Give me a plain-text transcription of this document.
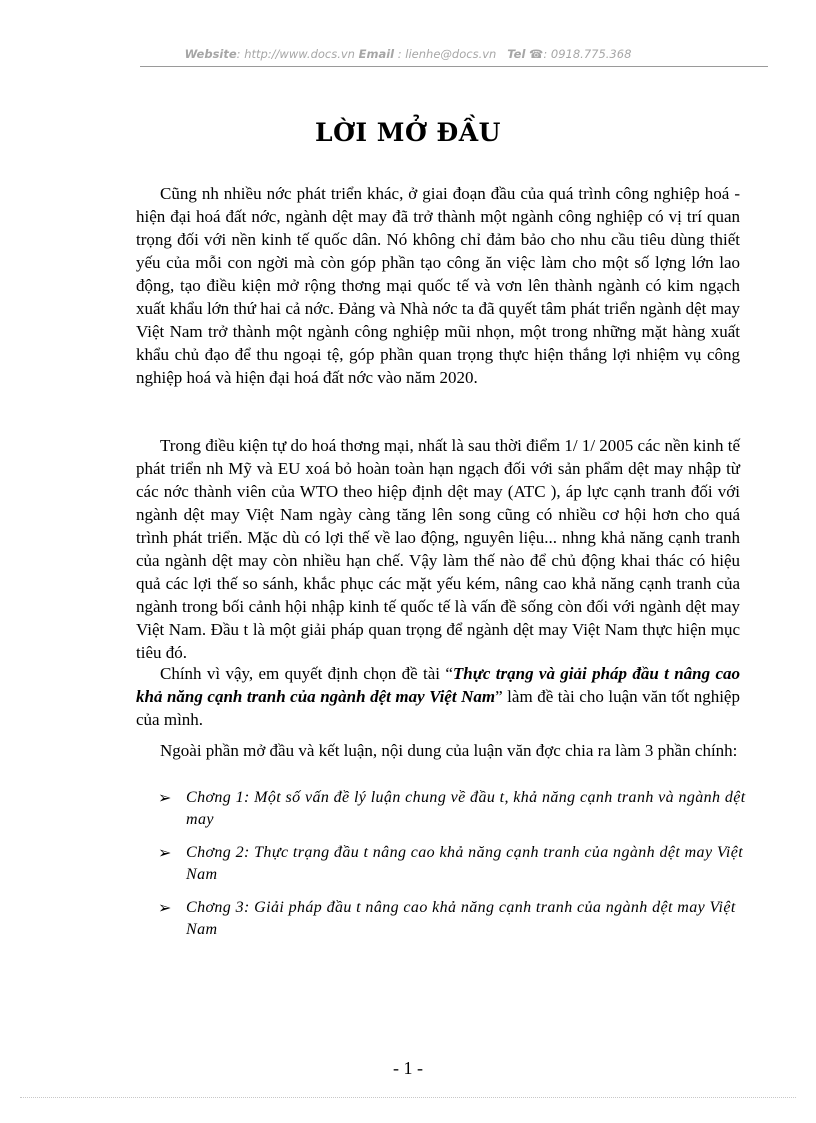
Website: http://www.docs.vn Email : lienhe@docs.vn Tel ☎: 0918.775.368
LỜI MỞ ĐẦU

Cũng nh nhiều nớc phát triển khác, ở giai đoạn đầu của quá trình công nghiệp hoá - hiện đại hoá đất nớc, ngành dệt may đã trở thành một ngành công nghiệp có vị trí quan trọng đối với nền kinh tế quốc dân. Nó không chỉ đảm bảo cho nhu cầu tiêu dùng thiết yếu của mỗi con ngời mà còn góp phần tạo công ăn việc làm cho một số lợng lớn lao động, tạo điều kiện mở rộng thơng mại quốc tế và vơn lên thành ngành có kim ngạch xuất khẩu lớn thứ hai cả nớc. Đảng và Nhà nớc ta đã quyết tâm phát triển ngành dệt may Việt Nam trở thành một ngành công nghiệp mũi nhọn, một trong những mặt hàng xuất khẩu chủ đạo để thu ngoại tệ, góp phần quan trọng thực hiện thắng lợi nhiệm vụ công nghiệp hoá và hiện đại hoá đất nớc vào năm 2020.

Trong điều kiện tự do hoá thơng mại, nhất là sau thời điểm 1/ 1/ 2005 các nền kinh tế phát triển nh Mỹ và EU xoá bỏ hoàn toàn hạn ngạch đối với sản phẩm dệt may nhập từ các nớc thành viên của WTO theo hiệp định dệt may (ATC ), áp lực cạnh tranh đối với ngành dệt may Việt Nam ngày càng tăng lên song cũng có nhiều cơ hội hơn cho quá trình phát triển. Mặc dù có lợi thế về lao động, nguyên liệu... nhng khả năng cạnh tranh của ngành dệt may còn nhiều hạn chế. Vậy làm thế nào để chủ động khai thác có hiệu quả các lợi thế so sánh, khắc phục các mặt yếu kém, nâng cao khả năng cạnh tranh của ngành trong bối cảnh hội nhập kinh tế quốc tế là vấn đề sống còn đối với ngành dệt may Việt Nam. Đầu t là một giải pháp quan trọng để ngành dệt may Việt Nam thực hiện mục tiêu đó.

Chính vì vậy, em quyết định chọn đề tài “Thực trạng và giải pháp đầu t nâng cao khả năng cạnh tranh của ngành dệt may Việt Nam” làm đề tài cho luận văn tốt nghiệp của mình.

Ngoài phần mở đầu và kết luận, nội dung của luận văn đợc chia ra làm 3 phần chính:

➢ Chơng 1: Một số vấn đề lý luận chung về đầu t, khả năng cạnh tranh và ngành dệt may
➢ Chơng 2: Thực trạng đầu t nâng cao khả năng cạnh tranh của ngành dệt may Việt Nam
➢ Chơng 3: Giải pháp đầu t nâng cao khả năng cạnh tranh của ngành dệt may Việt Nam
- 1 -
